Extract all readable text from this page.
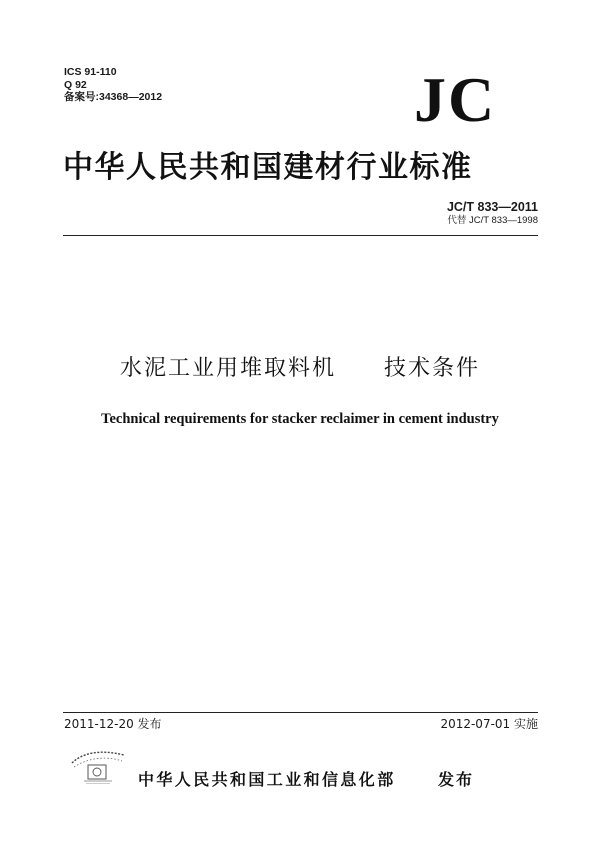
ICS 91-110
Q 92
备案号:34368—2012	JC
中华人民共和国建材行业标准
JC/T 833—2011
代替 JC/T 833—1998
水泥工业用堆取料机　　技术条件
Technical requirements for stacker reclaimer in cement industry
2011-12-20 发布	2012-07-01 实施
中华人民共和国工业和信息化部	发布
